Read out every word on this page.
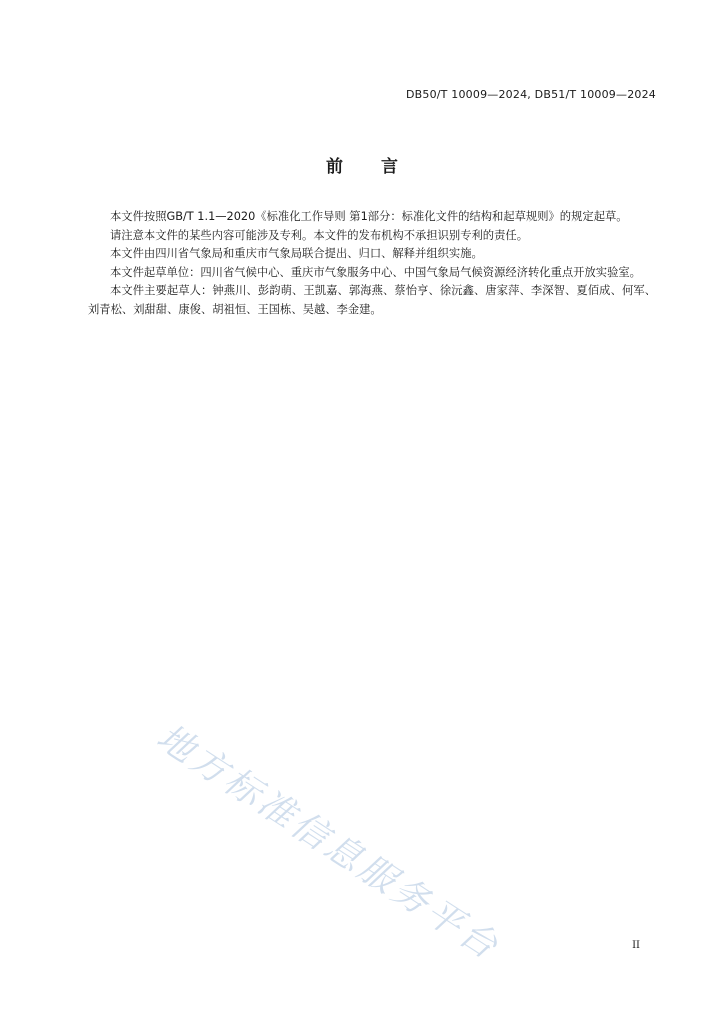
DB50/T 10009—2024, DB51/T 10009—2024
前 言

本文件按照GB/T 1.1—2020《标准化工作导则 第1部分：标准化文件的结构和起草规则》的规定起草。

请注意本文件的某些内容可能涉及专利。本文件的发布机构不承担识别专利的责任。

本文件由四川省气象局和重庆市气象局联合提出、归口、解释并组织实施。

本文件起草单位：四川省气候中心、重庆市气象服务中心、中国气象局气候资源经济转化重点开放实验室。

本文件主要起草人：钟燕川、彭韵萌、王凯嘉、郭海燕、蔡怡亨、徐沅鑫、唐家萍、李深智、夏佰成、何军、刘青松、刘甜甜、康俊、胡祖恒、王国栋、吴越、李金建。

地方标准信息服务平台	II
